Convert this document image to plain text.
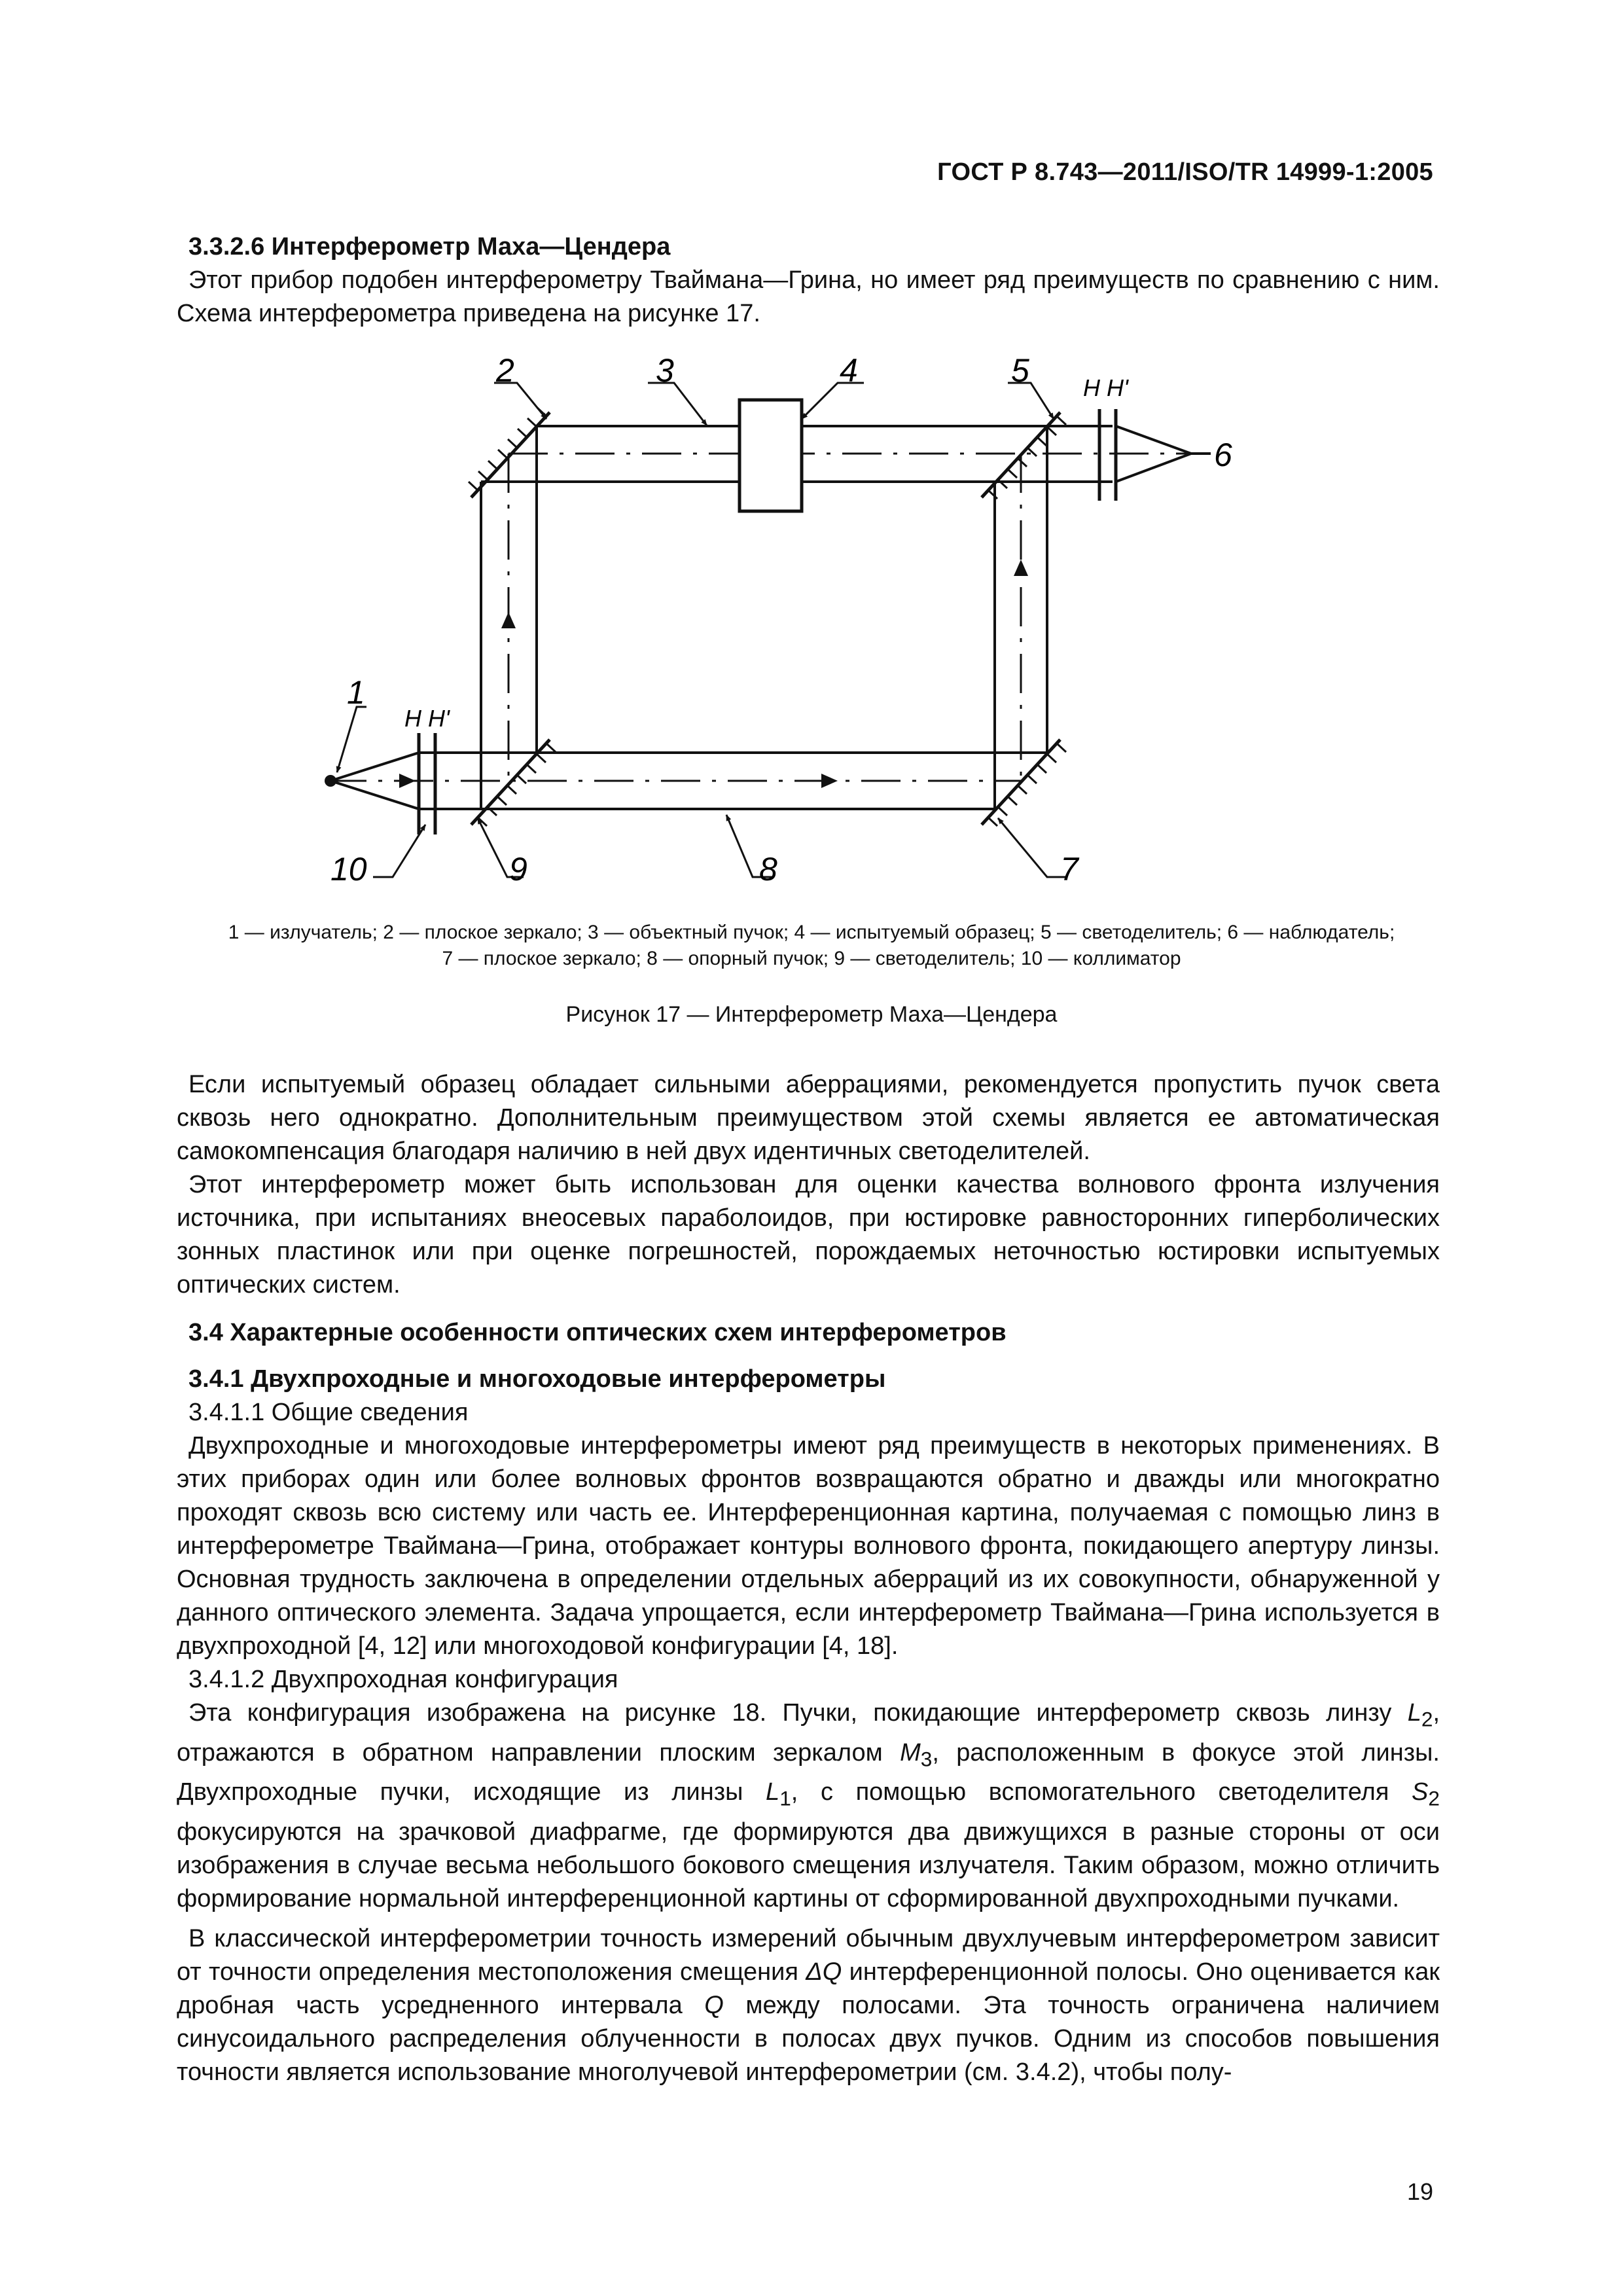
ГОСТ Р 8.743—2011/ISO/TR 14999-1:2005

3.3.2.6 Интерферометр Маха—Цендера

Этот прибор подобен интерферометру Тваймана—Грина, но имеет ряд преимуществ по сравнению с ним. Схема интерферометра приведена на рисунке 17.

2	3	4	5 H H'
6
1
H H'
10	9	8	7
1 — излучатель; 2 — плоское зеркало; 3 — объектный пучок; 4 — испытуемый образец; 5 — светоделитель; 6 — наблюдатель;
7 — плоское зеркало; 8 — опорный пучок; 9 — светоделитель; 10 — коллиматор
Рисунок 17 — Интерферометр Маха—Цендера

Если испытуемый образец обладает сильными аберрациями, рекомендуется пропустить пучок света сквозь него однократно. Дополнительным преимуществом этой схемы является ее автоматическая самокомпенсация благодаря наличию в ней двух идентичных светоделителей.

Этот интерферометр может быть использован для оценки качества волнового фронта излучения источника, при испытаниях внеосевых параболоидов, при юстировке равносторонних гиперболических зонных пластинок или при оценке погрешностей, порождаемых неточностью юстировки испытуемых оптических систем.

3.4 Характерные особенности оптических схем интерферометров

3.4.1 Двухпроходные и многоходовые интерферометры

3.4.1.1 Общие сведения

Двухпроходные и многоходовые интерферометры имеют ряд преимуществ в некоторых применениях. В этих приборах один или более волновых фронтов возвращаются обратно и дважды или многократно проходят сквозь всю систему или часть ее. Интерференционная картина, получаемая с помощью линз в интерферометре Тваймана—Грина, отображает контуры волнового фронта, покидающего апертуру линзы. Основная трудность заключена в определении отдельных аберраций из их совокупности, обнаруженной у данного оптического элемента. Задача упрощается, если интерферометр Тваймана—Грина используется в двухпроходной [4, 12] или многоходовой конфигурации [4, 18].

3.4.1.2 Двухпроходная конфигурация

Эта конфигурация изображена на рисунке 18. Пучки, покидающие интерферометр сквозь линзу $L_2$, отражаются в обратном направлении плоским зеркалом $M_3$, расположенным в фокусе этой линзы. Двухпроходные пучки, исходящие из линзы $L_1$, с помощью вспомогательного светоделителя $S_2$ фокусируются на зрачковой диафрагме, где формируются два движущихся в разные стороны от оси изображения в случае весьма небольшого бокового смещения излучателя. Таким образом, можно отличить формирование нормальной интерференционной картины от сформированной двухпроходными пучками.

В классической интерферометрии точность измерений обычным двухлучевым интерферометром зависит от точности определения местоположения смещения ΔQ интерференционной полосы. Оно оценивается как дробная часть усредненного интервала Q между полосами. Эта точность ограничена наличием синусоидального распределения облученности в полосах двух пучков. Одним из способов повышения точности является использование многолучевой интерферометрии (см. 3.4.2), чтобы полу-

19
